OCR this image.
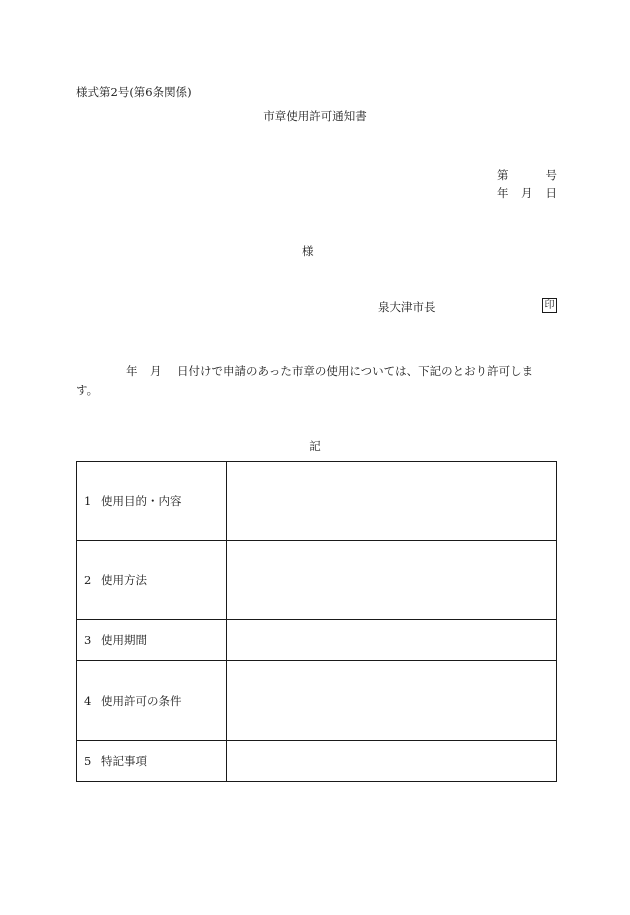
様式第2号(第6条関係)
市章使用許可通知書
第	号
年 月 日
様
泉大津市長	印
年 月 日付けで申請のあった市章の使用については、下記のとおり許可しま
す。
記
1 使用目的・内容	
2 使用方法	
3 使用期間	
4 使用許可の条件	
5 特記事項	
